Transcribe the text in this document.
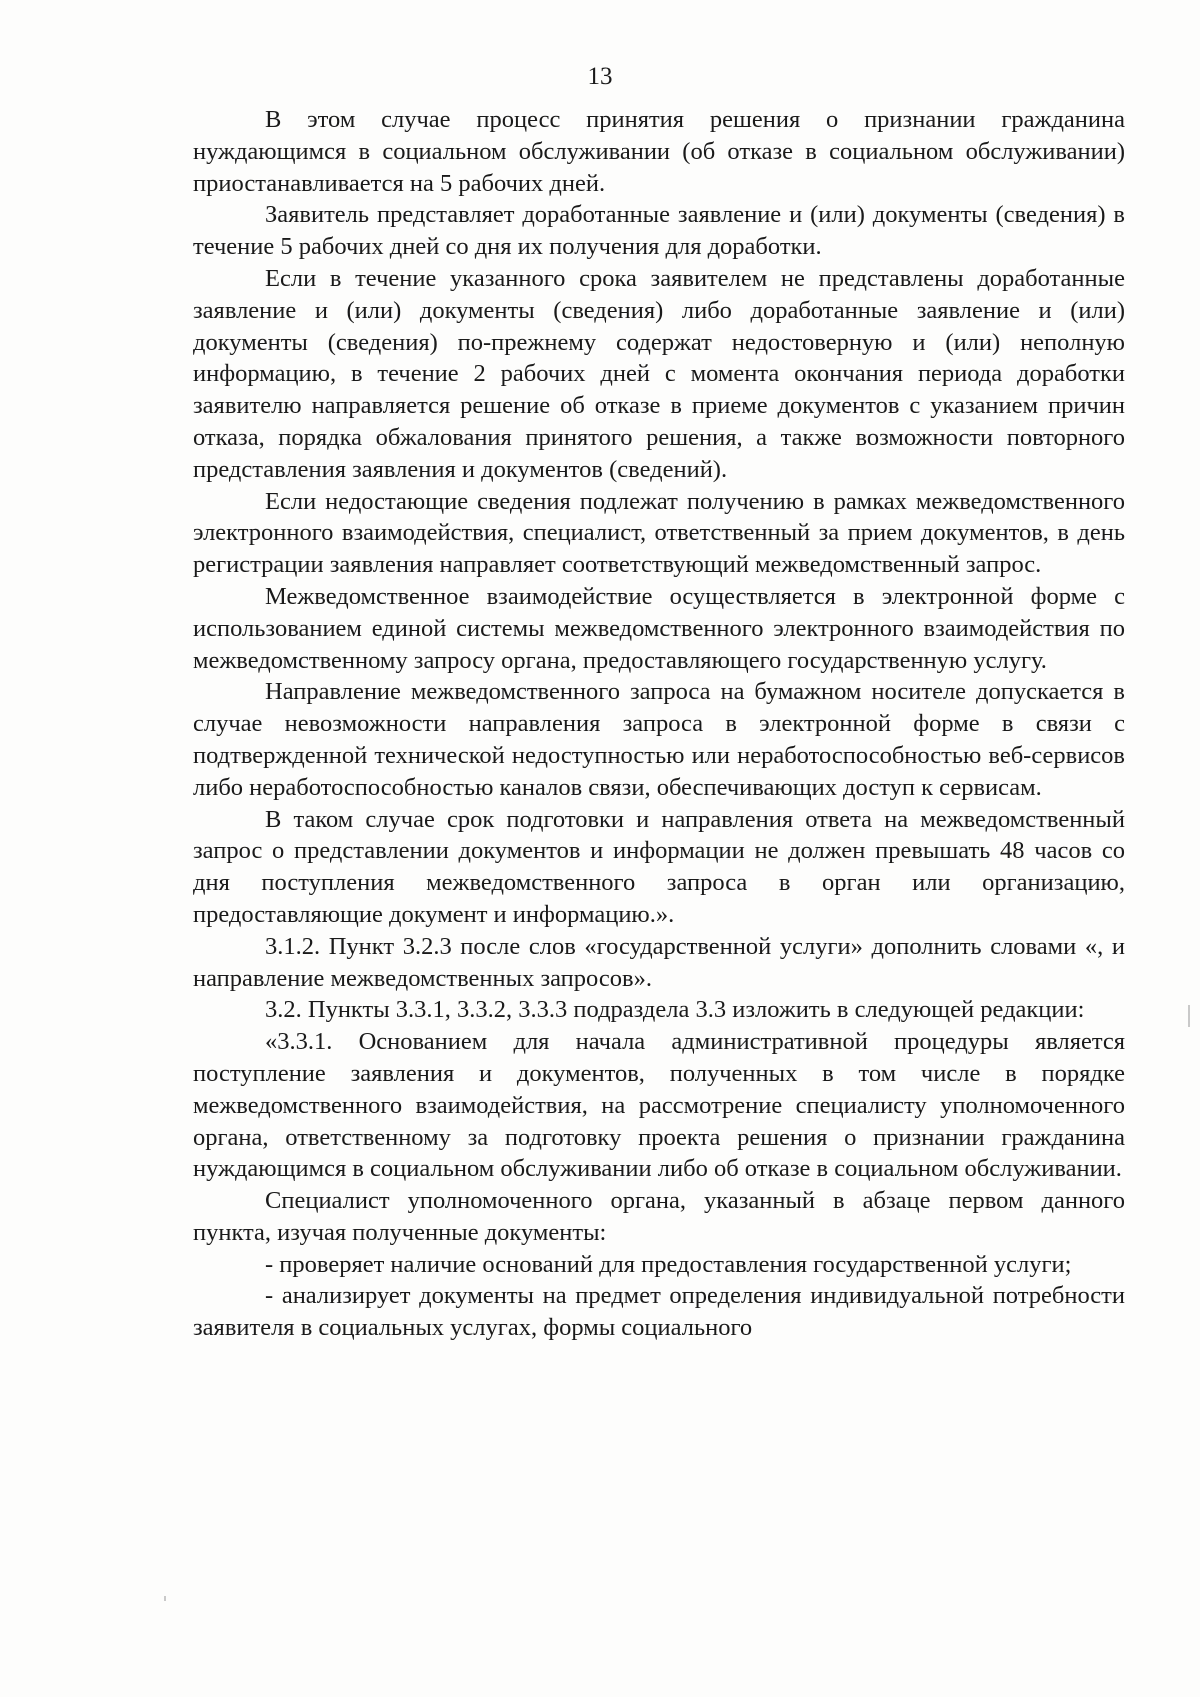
13

В этом случае процесс принятия решения о признании гражданина нуждающимся в социальном обслуживании (об отказе в социальном обслуживании) приостанавливается на 5 рабочих дней.

Заявитель представляет доработанные заявление и (или) документы (сведения) в течение 5 рабочих дней со дня их получения для доработки.

Если в течение указанного срока заявителем не представлены доработанные заявление и (или) документы (сведения) либо доработанные заявление и (или) документы (сведения) по-прежнему содержат недостоверную и (или) неполную информацию, в течение 2 рабочих дней с момента окончания периода доработки заявителю направляется решение об отказе в приеме документов с указанием причин отказа, порядка обжалования принятого решения, а также возможности повторного представления заявления и документов (сведений).

Если недостающие сведения подлежат получению в рамках межведомственного электронного взаимодействия, специалист, ответственный за прием документов, в день регистрации заявления направляет соответствующий межведомственный запрос.

Межведомственное взаимодействие осуществляется в электронной форме с использованием единой системы межведомственного электронного взаимодействия по межведомственному запросу органа, предоставляющего государственную услугу.

Направление межведомственного запроса на бумажном носителе допускается в случае невозможности направления запроса в электронной форме в связи с подтвержденной технической недоступностью или неработоспособностью веб-сервисов либо неработоспособностью каналов связи, обеспечивающих доступ к сервисам.

В таком случае срок подготовки и направления ответа на межведомственный запрос о представлении документов и информации не должен превышать 48 часов со дня поступления межведомственного запроса в орган или организацию, предоставляющие документ и информацию.».

3.1.2. Пункт 3.2.3 после слов «государственной услуги» дополнить словами «, и направление межведомственных запросов».

3.2. Пункты 3.3.1, 3.3.2, 3.3.3 подраздела 3.3 изложить в следующей редакции:

«3.3.1. Основанием для начала административной процедуры является поступление заявления и документов, полученных в том числе в порядке межведомственного взаимодействия, на рассмотрение специалисту уполномоченного органа, ответственному за подготовку проекта решения о признании гражданина нуждающимся в социальном обслуживании либо об отказе в социальном обслуживании.

Специалист уполномоченного органа, указанный в абзаце первом данного пункта, изучая полученные документы:

- проверяет наличие оснований для предоставления государственной услуги;

- анализирует документы на предмет определения индивидуальной потребности заявителя в социальных услугах, формы социального
